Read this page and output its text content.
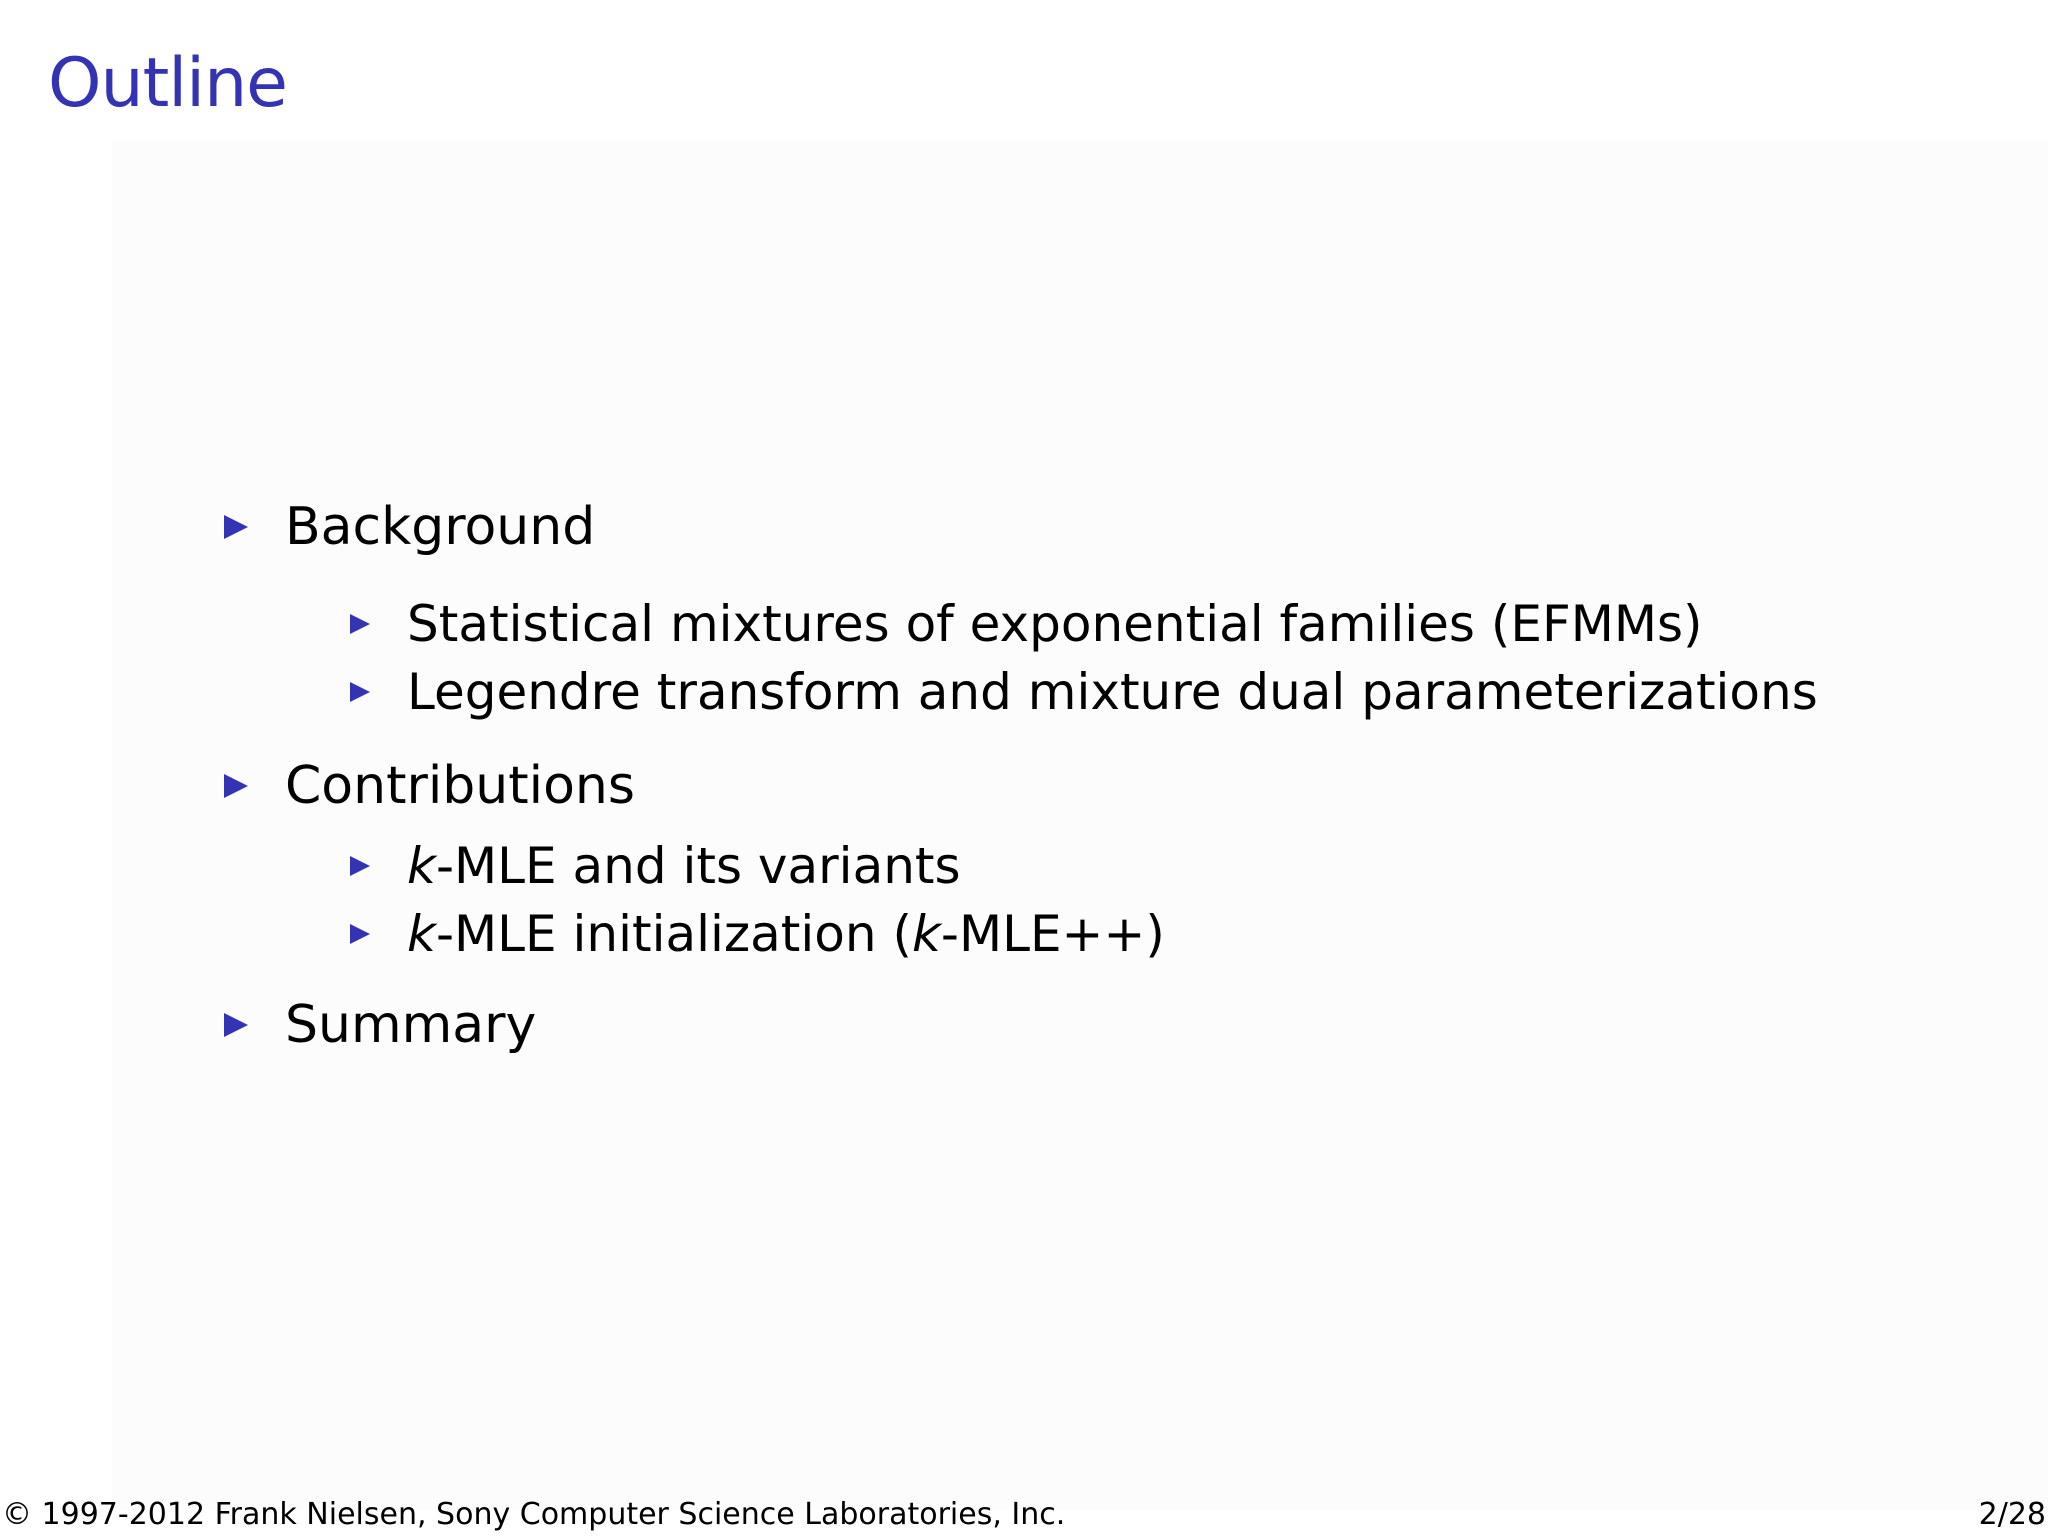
Outline
Background
Statistical mixtures of exponential families (EFMMs)
Legendre transform and mixture dual parameterizations
Contributions
k-MLE and its variants
k-MLE initialization (k-MLE++)
Summary
© 1997-2012 Frank Nielsen, Sony Computer Science Laboratories, Inc.	2/28
